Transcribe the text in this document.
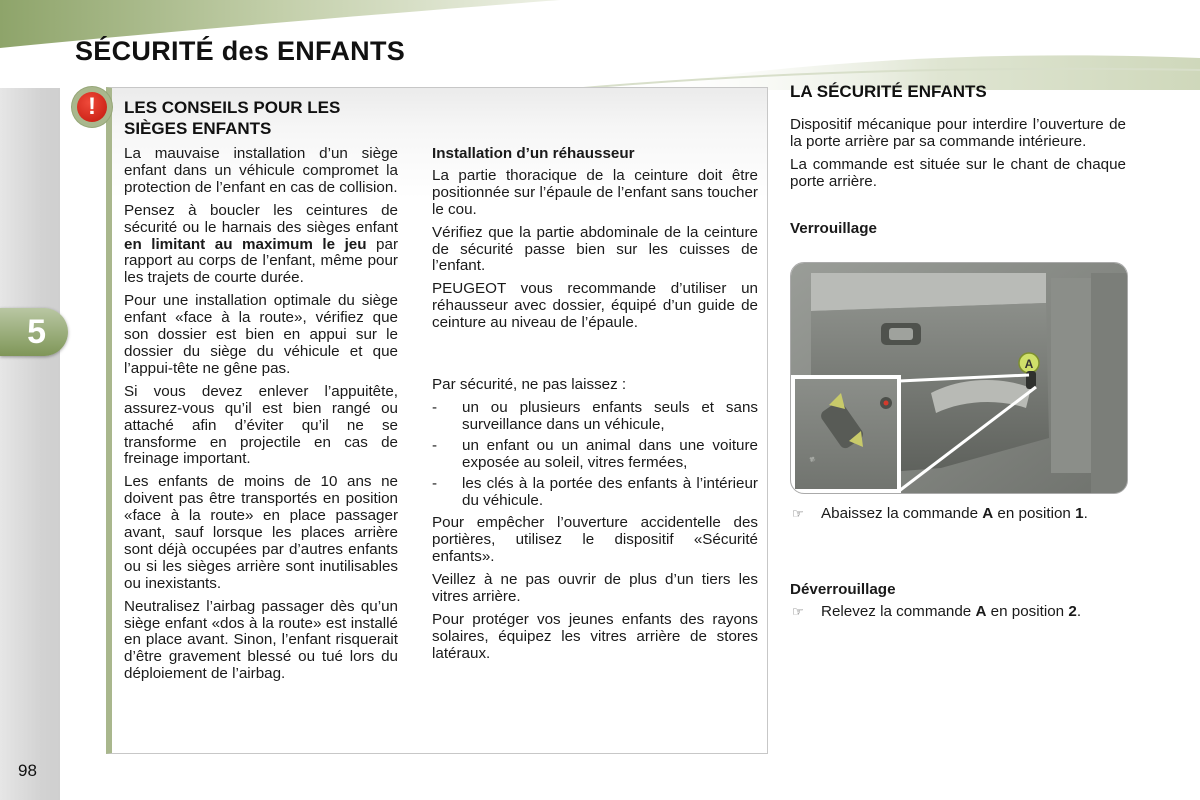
SÉCURITÉ des ENFANTS
5
98
!	LES CONSEILS POUR LES
SIÈGES ENFANTS

La mauvaise installation d’un siège enfant dans un véhicule compromet la protection de l’enfant en cas de collision.

Pensez à boucler les ceintures de sécurité ou le harnais des sièges enfant en limitant au maximum le jeu par rapport au corps de l’enfant, même pour les trajets de courte durée.

Pour une installation optimale du siège enfant «face à la route», vérifiez que son dossier est bien en appui sur le dossier du siège du véhicule et que l’appui-tête ne gêne pas.

Si vous devez enlever l’appuitête, assurez-vous qu’il est bien rangé ou attaché afin d’éviter qu’il ne se transforme en projectile en cas de freinage important.

Les enfants de moins de 10 ans ne doivent pas être transportés en position «face à la route» en place passager avant, sauf lorsque les places arrière sont déjà occupées par d’autres enfants ou si les sièges arrière sont inutilisables ou inexistants.

Neutralisez l’airbag passager dès qu’un siège enfant «dos à la route» est installé en place avant. Sinon, l’enfant risquerait d’être gravement blessé ou tué lors du déploiement de l’airbag.

Installation d’un réhausseur

La partie thoracique de la ceinture doit être positionnée sur l’épaule de l’enfant sans toucher le cou.

Vérifiez que la partie abdominale de la ceinture de sécurité passe bien sur les cuisses de l’enfant.

PEUGEOT vous recommande d’utiliser un réhausseur avec dossier, équipé d’un guide de ceinture au niveau de l’épaule.

Par sécurité, ne pas laissez :

- un ou plusieurs enfants seuls et sans surveillance dans un véhicule,
- un enfant ou un animal dans une voiture exposée au soleil, vitres fermées,
- les clés à la portée des enfants à l’intérieur du véhicule.

Pour empêcher l’ouverture accidentelle des portières, utilisez le dispositif «Sécurité enfants».

Veillez à ne pas ouvrir de plus d’un tiers les vitres arrière.

Pour protéger vos jeunes enfants des rayons solaires, équipez les vitres arrière de stores latéraux.

LA SÉCURITÉ ENFANTS

Dispositif mécanique pour interdire l’ouverture de la porte arrière par sa commande intérieure.

La commande est située sur le chant de chaque porte arrière.

Verrouillage

A
♣

☞ Abaissez la commande A en position 1.

Déverrouillage

☞ Relevez la commande A en position 2.
